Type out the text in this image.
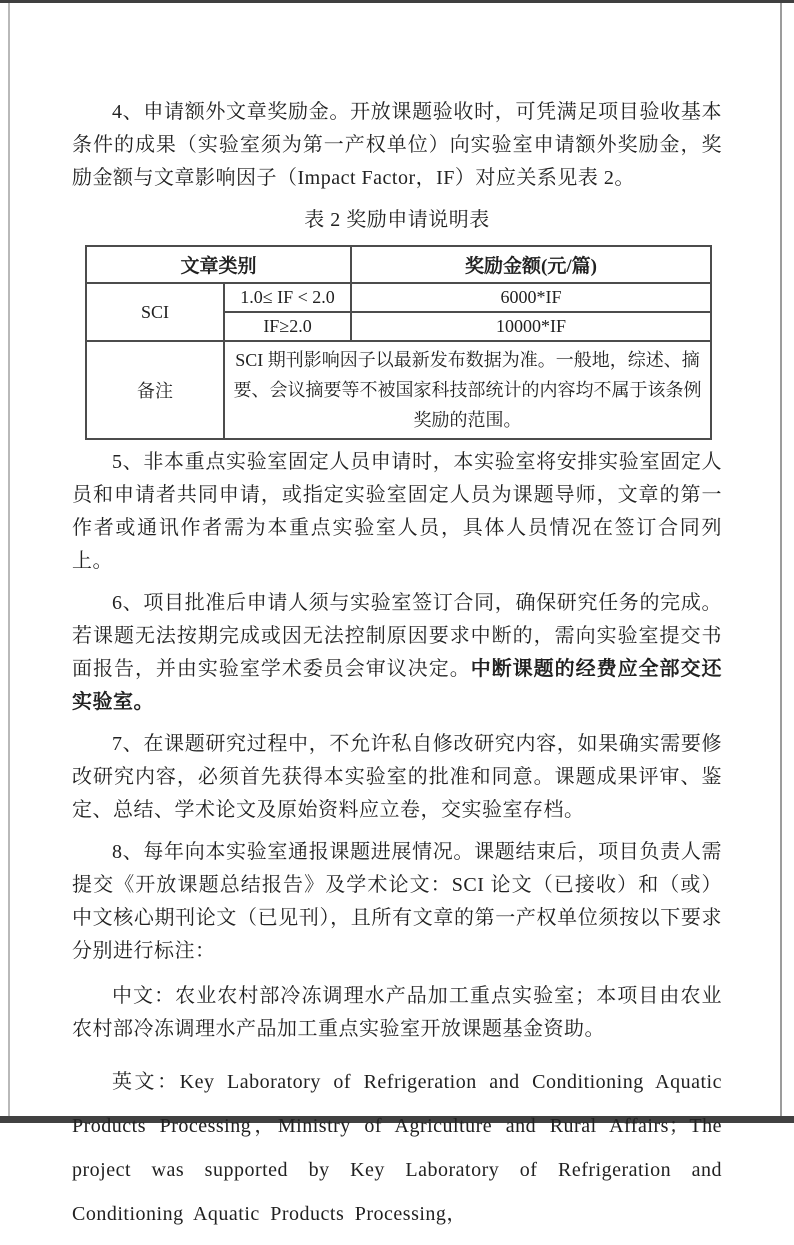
4、申请额外文章奖励金。开放课题验收时，可凭满足项目验收基本条件的成果（实验室须为第一产权单位）向实验室申请额外奖励金，奖励金额与文章影响因子（Impact Factor，IF）对应关系见表 2。

表 2 奖励申请说明表

文章类别		奖励金额(元/篇)
SCI	1.0≤ IF < 2.0	6000*IF
	IF≥2.0	10000*IF
备注	SCI 期刊影响因子以最新发布数据为准。一般地，综述、摘要、会议摘要等不被国家科技部统计的内容均不属于该条例奖励的范围。	

5、非本重点实验室固定人员申请时，本实验室将安排实验室固定人员和申请者共同申请，或指定实验室固定人员为课题导师，文章的第一作者或通讯作者需为本重点实验室人员，具体人员情况在签订合同列上。

6、项目批准后申请人须与实验室签订合同，确保研究任务的完成。若课题无法按期完成或因无法控制原因要求中断的，需向实验室提交书面报告，并由实验室学术委员会审议决定。中断课题的经费应全部交还实验室。

7、在课题研究过程中，不允许私自修改研究内容，如果确实需要修改研究内容，必须首先获得本实验室的批准和同意。课题成果评审、鉴定、总结、学术论文及原始资料应立卷，交实验室存档。

8、每年向本实验室通报课题进展情况。课题结束后，项目负责人需提交《开放课题总结报告》及学术论文：SCI 论文（已接收）和（或）中文核心期刊论文（已见刊），且所有文章的第一产权单位须按以下要求分别进行标注：

中文：农业农村部冷冻调理水产品加工重点实验室；本项目由农业农村部冷冻调理水产品加工重点实验室开放课题基金资助。

英文：Key Laboratory of Refrigeration and Conditioning Aquatic Products Processing，Ministry of Agriculture and Rural Affairs；The project was supported by Key Laboratory of Refrigeration and Conditioning Aquatic Products Processing，
